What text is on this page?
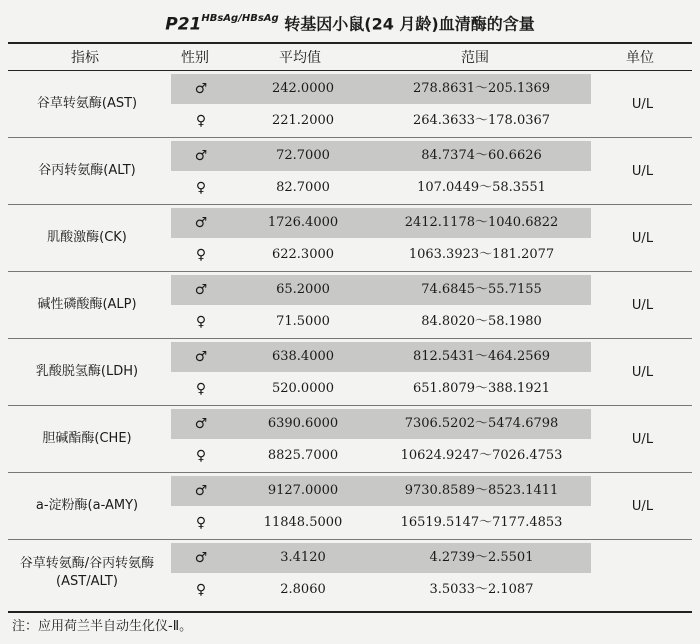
$P21^{HBsAg/HBsAg}$ 转基因小鼠(24 月龄)血清酶的含量
指标	性别	平均值	范围	单位
谷草转氨酶(AST)	U/L
♂	242.0000	278.8631～205.1369
♀	221.2000	264.3633～178.0367
谷丙转氨酶(ALT)	U/L
♂	72.7000	84.7374～60.6626
♀	82.7000	107.0449～58.3551
肌酸激酶(CK)	U/L
♂	1726.4000	2412.1178～1040.6822
♀	622.3000	1063.3923～181.2077
碱性磷酸酶(ALP)	U/L
♂	65.2000	74.6845～55.7155
♀	71.5000	84.8020～58.1980
乳酸脱氢酶(LDH)	U/L
♂	638.4000	812.5431～464.2569
♀	520.0000	651.8079～388.1921
胆碱酯酶(CHE)	U/L
♂	6390.6000	7306.5202～5474.6798
♀	8825.7000	10624.9247～7026.4753
a-淀粉酶(a-AMY)	U/L
♂	9127.0000	9730.8589～8523.1411
♀	11848.5000	16519.5147～7177.4853
谷草转氨酶/谷丙转氨酶
(AST/ALT)
♂	3.4120	4.2739～2.5501
♀	2.8060	3.5033～2.1087
注：应用荷兰半自动生化仪-Ⅱ。
